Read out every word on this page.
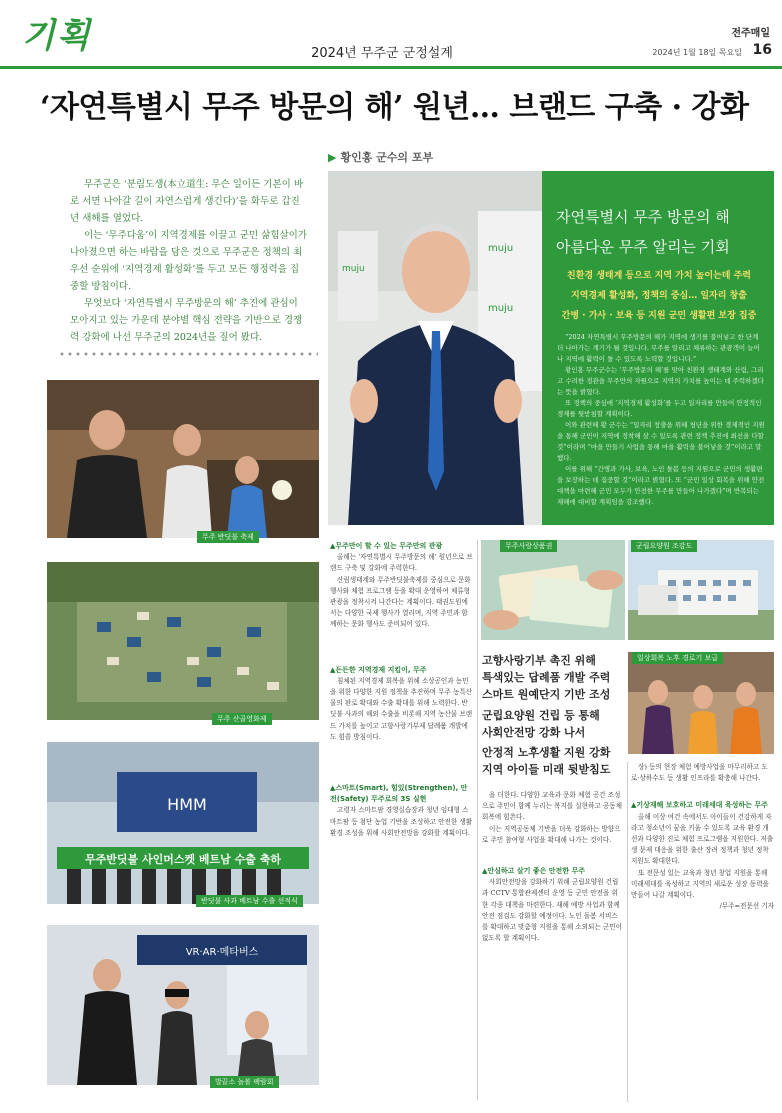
기획	2024년 무주군 군정설계
전주매일
2024년 1월 18일 목요일 16
‘자연특별시 무주 방문의 해’ 원년… 브랜드 구축 · 강화
▶ 황인홍 군수의 포부

무주군은 ‘분림도생(本立道生: 무슨 일이든 기본이 바로 서면 나아갈 길이 자연스럽게 생긴다)’을 화두로 갑진년 새해를 열었다.

이는 ‘무주다움’이 지역경제를 이끌고 군민 삶힘살이가 나아졌으면 하는 바람을 담은 것으로 무주군은 정책의 최우선 순위에 ‘지역경제 활성화’를 두고 모든 행정력을 집중할 방침이다.

무엇보다 ‘자연특별시 무주방문의 해’ 추진에 관심이 모아지고 있는 가운데 분야별 핵심 전략을 기반으로 경쟁력 강화에 나선 무주군의 2024년을 짚어 봤다.

muju
muju
muju
자연특별시 무주 방문의 해
아름다운 무주 알리는 기회
친환경 생태계 등으로 지역 가치 높이는데 주력
지역경제 활성화, 정책의 중심… 일자리 창출
간병 · 가사 · 보육 등 지원 군민 생활편 보장 집중

“2024 자연특별시 무주방문의 해가 지역에 생기를 불어넣고 한 단계 더 나아가는 계기가 될 것입니다. 무주를 알리고 체류하는 관광객이 늘어나 지역에 활력이 돌 수 있도록 노력할 것입니다.”

황인홍 무주군수는 ‘무주방문의 해’를 맞아 친환경 생태계와 산림, 그리고 수려한 경관을 무주만의 자원으로 지역의 가치를 높이는 데 주력하겠다는 뜻을 밝혔다.

또 정책의 중심에 ‘지역경제 활성화’를 두고 일자리를 만들어 안정적인 경제를 뒷받침할 계획이다.

이와 관련해 황 군수는 “일자리 창출을 위해 청년을 위한 경제적인 지원을 통해 군민이 지역에 정착해 살 수 있도록 관련 정책 추진에 최선을 다할 것”이라며 “마을 만들기 사업을 통해 마을 활력을 불어넣을 것”이라고 말했다.

이를 위해 “간병과 가사, 보육, 노인 돌봄 등의 지원으로 군민의 생활편을 보장하는 데 집중할 것”이라고 밝혔다. 또 “군민 일상 회복을 위해 안전 대책을 마련해 군민 모두가 안전한 무주를 만들어 나가겠다”며 반복되는 재해에 대비할 계획임을 강조했다.

무주 반딧불 축제
무주 산골영화제
HMM
무주반딧불 사인머스켓 베트남 수출 축하
반딧불 사과 베트남 수출 선적식
VR·AR·메타버스
발끝소 놀볼 팩람회

▲무주만이 할 수 있는 무주만의 관광

올해는 ‘자연특별시 무주방문의 해’ 원년으로 브랜드 구축 및 강화에 주력한다.

산림생태계와 무주반딧불축제를 중심으로 문화행사와 체험 프로그램 등을 확대 운영하여 체류형 관광을 정착시켜 나간다는 계획이다. 태권도원에서는 다양한 국제 행사가 열리며, 지역 주민과 함께하는 문화 행사도 준비되어 있다.

▲든든한 지역경제 지킴이, 무주

침체된 지역경제 회복을 위해 소상공인과 농민을 위한 다양한 지원 정책을 추진하며 무주 농특산물의 판로 확대와 수출 확대를 위해 노력한다. 반딧불 사과의 해외 수출을 비롯해 지역 농산물 브랜드 가치를 높이고 고향사랑기부제 답례품 개발에도 힘쓸 방침이다.

▲스마트(Smart), 힘있(Strengthen), 안전(Safety) 무주로의 3S 실현

고령자 스마트팜 경영실습장과 청년 임대형 스마트팜 등 첨단 농업 기반을 조성하고 안전한 생활 환경 조성을 위해 사회안전망을 강화할 계획이다.

무주사랑상품권	군립요양원 조감도
일상회복 노후 경로기 보급
고향사랑기부 촉진 위해
특색있는 답례품 개발 주력
스마트 원예단지 기반 조성
군립요양원 건립 등 통해
사회안전망 강화 나서
안정적 노후생활 지원 강화
지역 아이들 미래 뒷받침도

을 더한다. 다양한 교육과 문화 체험 공간 조성으로 주민이 함께 누리는 복지를 실현하고 공동체 회복에 힘쓴다.

이는 지역공동체 기반을 더욱 강화하는 방향으로 주민 참여형 사업을 확대해 나가는 것이다.

▲안심하고 살기 좋은 안전한 무주

사회안전망을 강화하기 위해 군립요양원 건립과 CCTV 통합관제센터 운영 등 군민 안전을 위한 각종 대책을 마련한다. 재해 예방 사업과 함께 안전 점검도 강화할 예정이다. 노인 돌봄 서비스를 확대하고 맞춤형 지원을 통해 소외되는 군민이 없도록 할 계획이다.

상) 등의 현장 체험 예방사업을 마무리하고 도로·상하수도 등 생활 인프라를 확충해 나간다.

▲기상재해 보호하고 미래세대 육성하는 무주

올해 이상 여건 속에서도 아이들이 건강하게 자라고 청소년이 꿈을 키울 수 있도록 교육 환경 개선과 다양한 진로 체험 프로그램을 지원한다. 저출생 문제 대응을 위한 출산 장려 정책과 청년 정착 지원도 확대한다.

또 전문성 있는 교육과 청년 창업 지원을 통해 미래세대를 육성하고 지역의 새로운 성장 동력을 만들어 나갈 계획이다.

/무주=전문선 기자
